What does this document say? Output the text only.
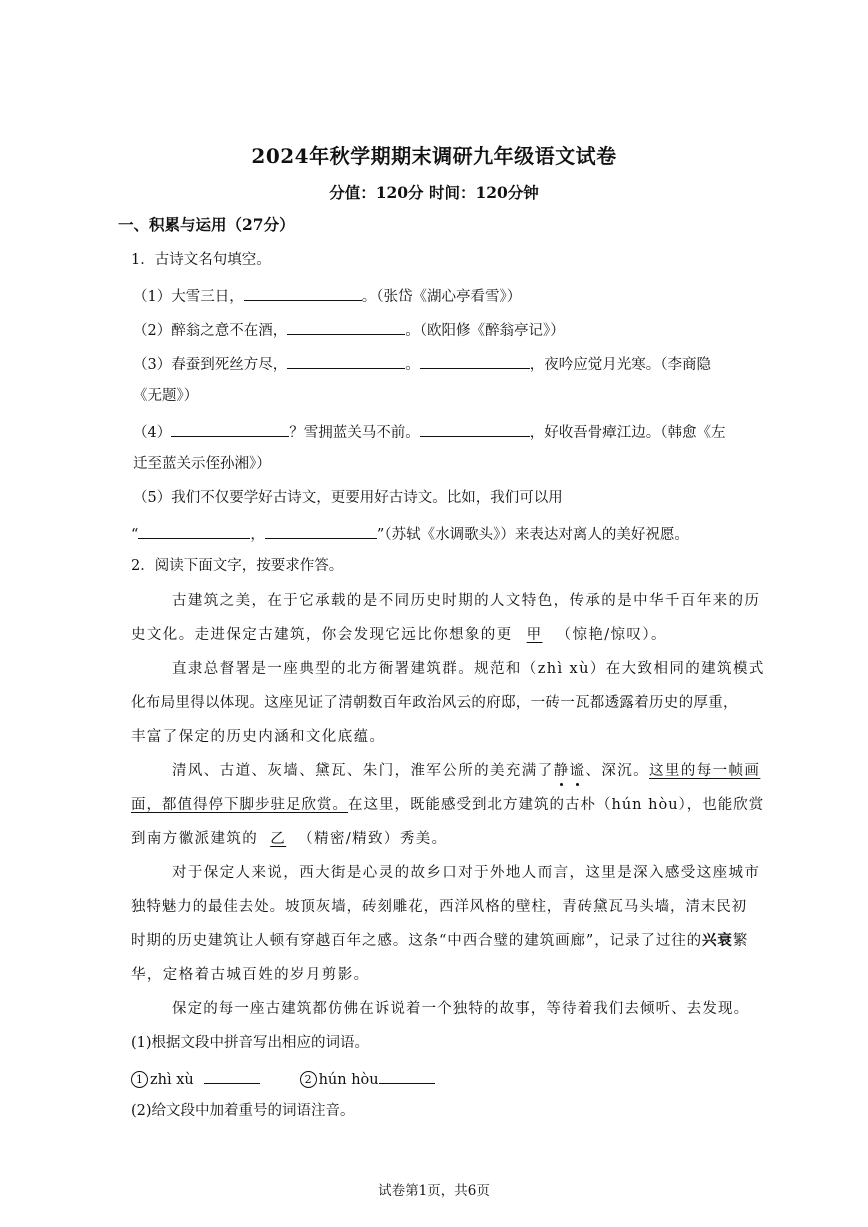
2024年秋学期期末调研九年级语文试卷
分值：120分 时间：120分钟
一、积累与运用（27分）
1．古诗文名句填空。
（1）大雪三日，	。（张岱《湖心亭看雪》）
（2）醉翁之意不在酒，	。（欧阳修《醉翁亭记》）
（3）春蚕到死丝方尽，	。	，夜吟应觉月光寒。（李商隐
《无题》）
（4）	？雪拥蓝关马不前。	，好收吾骨瘴江边。（韩愈《左
迁至蓝关示侄孙湘》）
（5）我们不仅要学好古诗文，更要用好古诗文。比如，我们可以用
“	，	”（苏轼《水调歌头》）来表达对离人的美好祝愿。
2．阅读下面文字，按要求作答。
古建筑之美，在于它承载的是不同历史时期的人文特色，传承的是中华千百年来的历
史文化。走进保定古建筑，你会发现它远比你想象的更 甲 （惊艳/惊叹）。
直隶总督署是一座典型的北方衙署建筑群。规范和（zhì xù）在大致相同的建筑模式
化布局里得以体现。这座见证了清朝数百年政治风云的府邸，一砖一瓦都透露着历史的厚重，
丰富了保定的历史内涵和文化底蕴。
清风、古道、灰墙、黛瓦、朱门，淮军公所的美充满了静谧、深沉。这里的每一帧画
面，都值得停下脚步驻足欣赏。在这里，既能感受到北方建筑的古朴（hún hòu），也能欣赏
到南方徽派建筑的 乙 （精密/精致）秀美。
对于保定人来说，西大街是心灵的故乡口对于外地人而言，这里是深入感受这座城市
独特魅力的最佳去处。坡顶灰墙，砖刻雕花，西洋风格的壁柱，青砖黛瓦马头墙，清末民初
时期的历史建筑让人顿有穿越百年之感。这条“中西合璧的建筑画廊”，记录了过往的兴衰繁
华，定格着古城百姓的岁月剪影。
保定的每一座古建筑都仿佛在诉说着一个独特的故事，等待着我们去倾听、去发现。
(1)根据文段中拼音写出相应的词语。
1 zhì xù	2 hún hòu
(2)给文段中加着重号的词语注音。
试卷第1页，共6页
